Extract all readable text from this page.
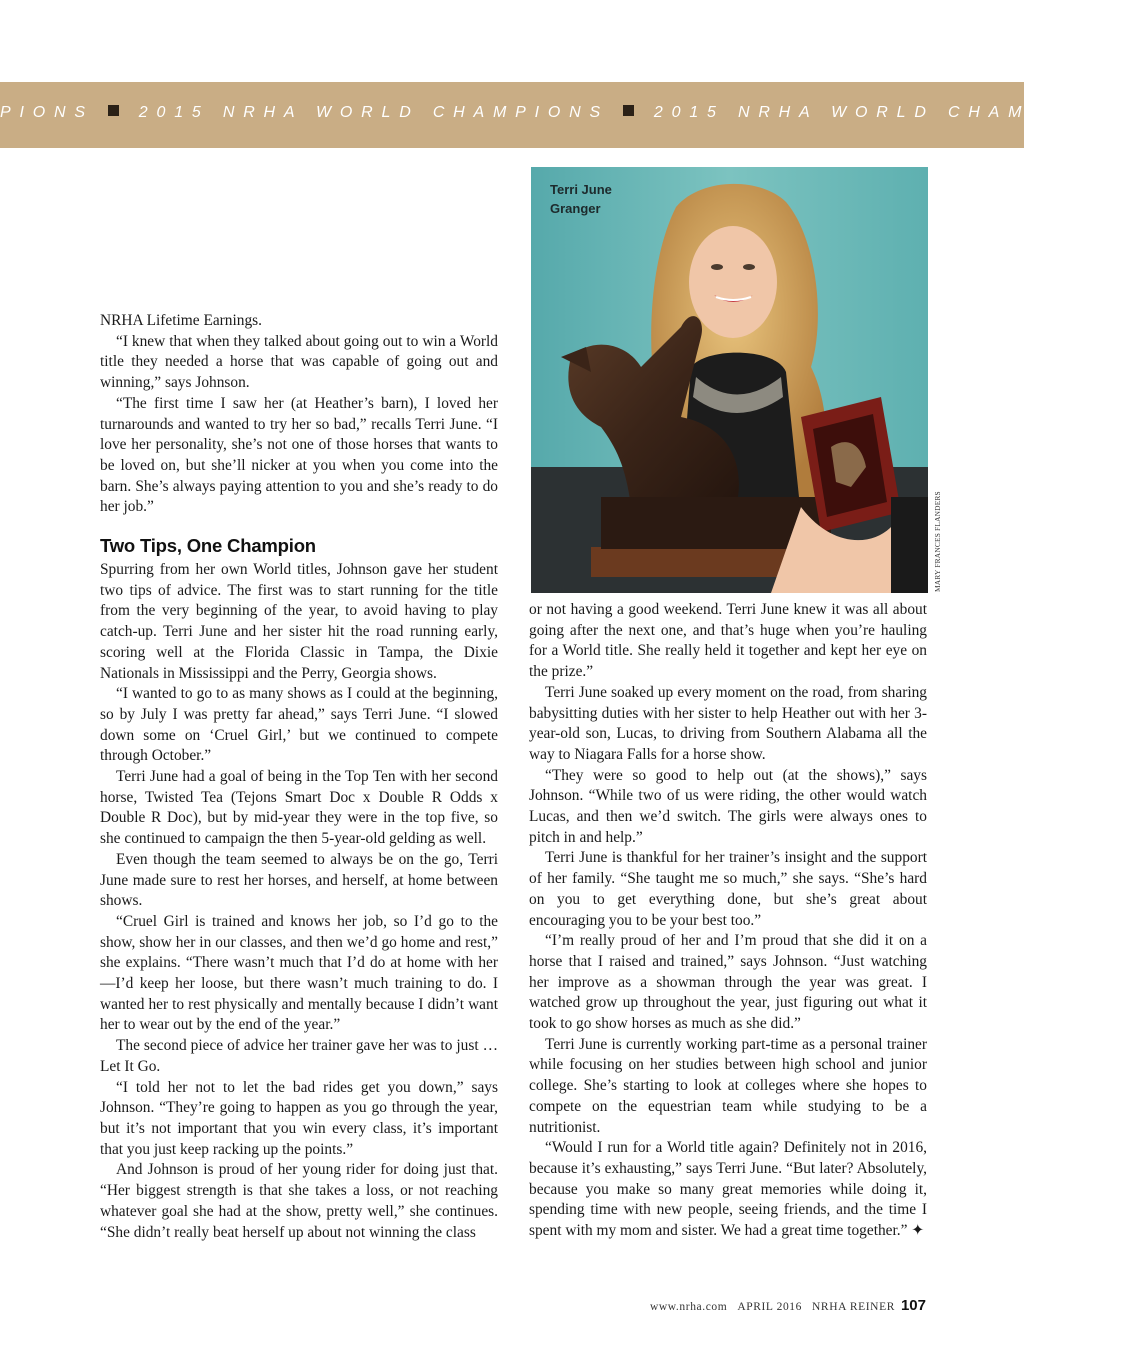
PIONS	2015 NRHA WORLD CHAMPIONS	2015 NRHA WORLD CHAMPIONS
Terri June
Granger
MARY FRANCES FLANDERS

NRHA Lifetime Earnings.

“I knew that when they talked about going out to win a World title they needed a horse that was capable of going out and winning,” says Johnson.

“The first time I saw her (at Heather’s barn), I loved her turnarounds and wanted to try her so bad,” recalls Terri June. “I love her personality, she’s not one of those horses that wants to be loved on, but she’ll nicker at you when you come into the barn. She’s always paying attention to you and she’s ready to do her job.”

Two Tips, One Champion

Spurring from her own World titles, Johnson gave her student two tips of advice. The first was to start running for the title from the very beginning of the year, to avoid having to play catch-up. Terri June and her sister hit the road running early, scoring well at the Florida Classic in Tampa, the Dixie Nationals in Mississippi and the Perry, Georgia shows.

“I wanted to go to as many shows as I could at the beginning, so by July I was pretty far ahead,” says Terri June. “I slowed down some on ‘Cruel Girl,’ but we continued to compete through October.”

Terri June had a goal of being in the Top Ten with her second horse, Twisted Tea (Tejons Smart Doc x Double R Odds x Double R Doc), but by mid-year they were in the top five, so she continued to campaign the then 5-year-old gelding as well.

Even though the team seemed to always be on the go, Terri June made sure to rest her horses, and herself, at home between shows.

“Cruel Girl is trained and knows her job, so I’d go to the show, show her in our classes, and then we’d go home and rest,” she explains. “There wasn’t much that I’d do at home with her—I’d keep her loose, but there wasn’t much training to do. I wanted her to rest physically and mentally because I didn’t want her to wear out by the end of the year.”

The second piece of advice her trainer gave her was to just … Let It Go.

“I told her not to let the bad rides get you down,” says Johnson. “They’re going to happen as you go through the year, but it’s not important that you win every class, it’s important that you just keep racking up the points.”

And Johnson is proud of her young rider for doing just that. “Her biggest strength is that she takes a loss, or not reaching whatever goal she had at the show, pretty well,” she continues. “She didn’t really beat herself up about not winning the class

or not having a good weekend. Terri June knew it was all about going after the next one, and that’s huge when you’re hauling for a World title. She really held it together and kept her eye on the prize.”

Terri June soaked up every moment on the road, from sharing babysitting duties with her sister to help Heather out with her 3-year-old son, Lucas, to driving from Southern Alabama all the way to Niagara Falls for a horse show.

“They were so good to help out (at the shows),” says Johnson. “While two of us were riding, the other would watch Lucas, and then we’d switch. The girls were always ones to pitch in and help.”

Terri June is thankful for her trainer’s insight and the support of her family. “She taught me so much,” she says. “She’s hard on you to get everything done, but she’s great about encouraging you to be your best too.”

“I’m really proud of her and I’m proud that she did it on a horse that I raised and trained,” says Johnson. “Just watching her improve as a showman through the year was great. I watched grow up throughout the year, just figuring out what it took to go show horses as much as she did.”

Terri June is currently working part-time as a personal trainer while focusing on her studies between high school and junior college. She’s starting to look at colleges where she hopes to compete on the equestrian team while studying to be a nutritionist.

“Would I run for a World title again? Definitely not in 2016, because it’s exhausting,” says Terri June. “But later? Absolutely, because you make so many great memories while doing it, spending time with new people, seeing friends, and the time I spent with my mom and sister. We had a great time together.” ✦

www.nrha.com APRIL 2016 NRHA REINER 107
